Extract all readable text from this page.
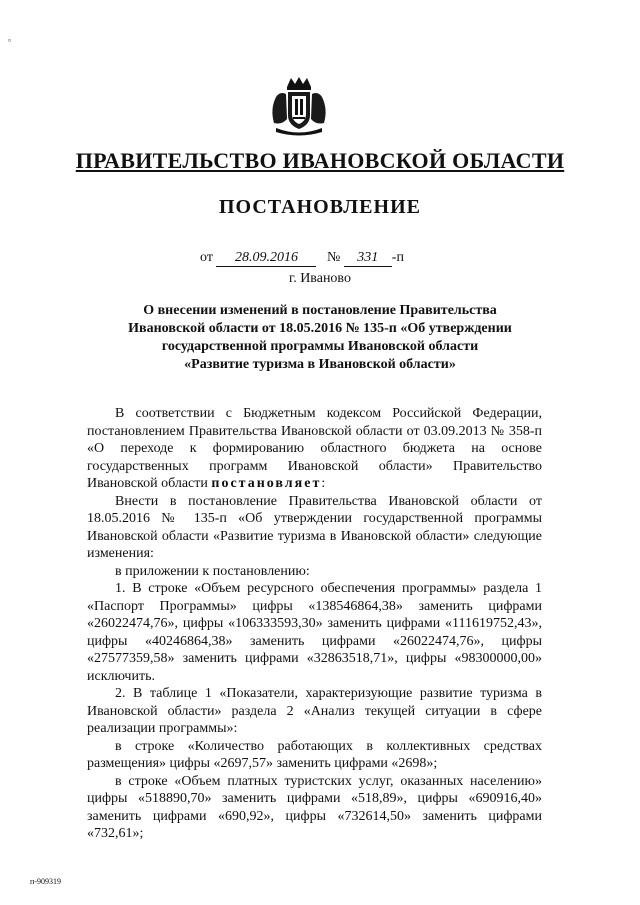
▫
ПРАВИТЕЛЬСТВО ИВАНОВСКОЙ ОБЛАСТИ
ПОСТАНОВЛЕНИЕ
от 28.09.2016 № 331 -п
г. Иваново
О внесении изменений в постановление Правительства
Ивановской области от 18.05.2016 № 135-п «Об утверждении
государственной программы Ивановской области
«Развитие туризма в Ивановской области»

В соответствии с Бюджетным кодексом Российской Федерации, постановлением Правительства Ивановской области от 03.09.2013 № 358-п «О переходе к формированию областного бюджета на основе государственных программ Ивановской области» Правительство Ивановской области постановляет:

Внести в постановление Правительства Ивановской области от 18.05.2016 № 135-п «Об утверждении государственной программы Ивановской области «Развитие туризма в Ивановской области» следующие изменения:

в приложении к постановлению:

1. В строке «Объем ресурсного обеспечения программы» раздела 1 «Паспорт Программы» цифры «138546864,38» заменить цифрами «26022474,76», цифры «106333593,30» заменить цифрами «111619752,43», цифры «40246864,38» заменить цифрами «26022474,76», цифры «27577359,58» заменить цифрами «32863518,71», цифры «98300000,00» исключить.

2. В таблице 1 «Показатели, характеризующие развитие туризма в Ивановской области» раздела 2 «Анализ текущей ситуации в сфере реализации программы»:

в строке «Количество работающих в коллективных средствах размещения» цифры «2697,57» заменить цифрами «2698»;

в строке «Объем платных туристских услуг, оказанных населению» цифры «518890,70» заменить цифрами «518,89», цифры «690916,40» заменить цифрами «690,92», цифры «732614,50» заменить цифрами «732,61»;

п-909319
